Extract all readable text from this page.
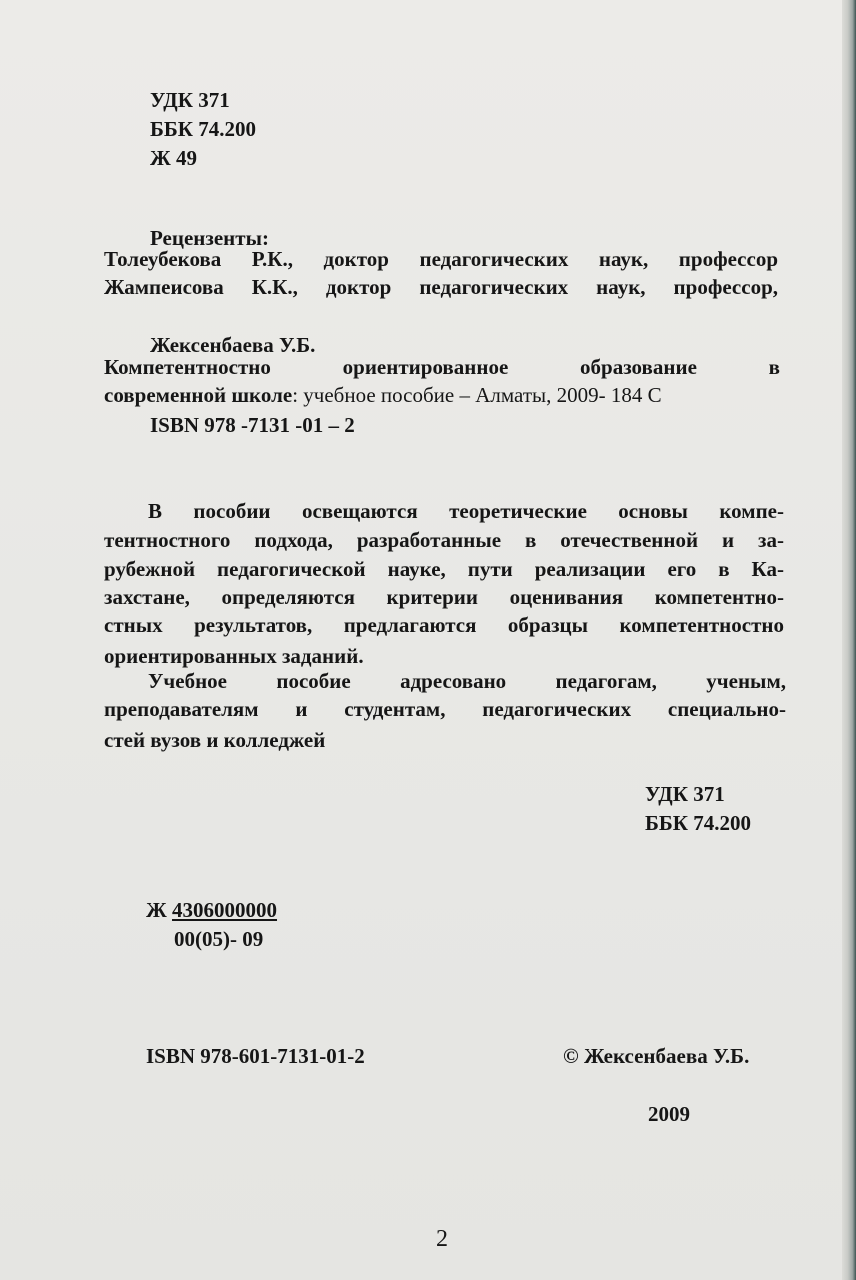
УДК 371
ББК 74.200
Ж 49
Рецензенты:

Толеубекова Р.К., доктор педагогических наук, профессор

Жампеисова К.К., доктор педагогических наук, профессор,

Жексенбаева У.Б.

Компетентностно ориентированное образование в

современной школе: учебное пособие – Алматы, 2009- 184 С
ISBN 978 -7131 -01 – 2

В пособии освещаются теоретические основы компе-

тентностного подхода, разработанные в отечественной и за-

рубежной педагогической науке, пути реализации его в Ка-

захстане, определяются критерии оценивания компетентно-

стных результатов, предлагаются образцы компетентностно

ориентированных заданий.

Учебное пособие адресовано педагогам, ученым,

преподавателям и студентам, педагогических специально-

стей вузов и колледжей
УДК 371
ББК 74.200
Ж 4306000000
00(05)- 09
ISBN 978-601-7131-01-2	© Жексенбаева У.Б.
2009
2
